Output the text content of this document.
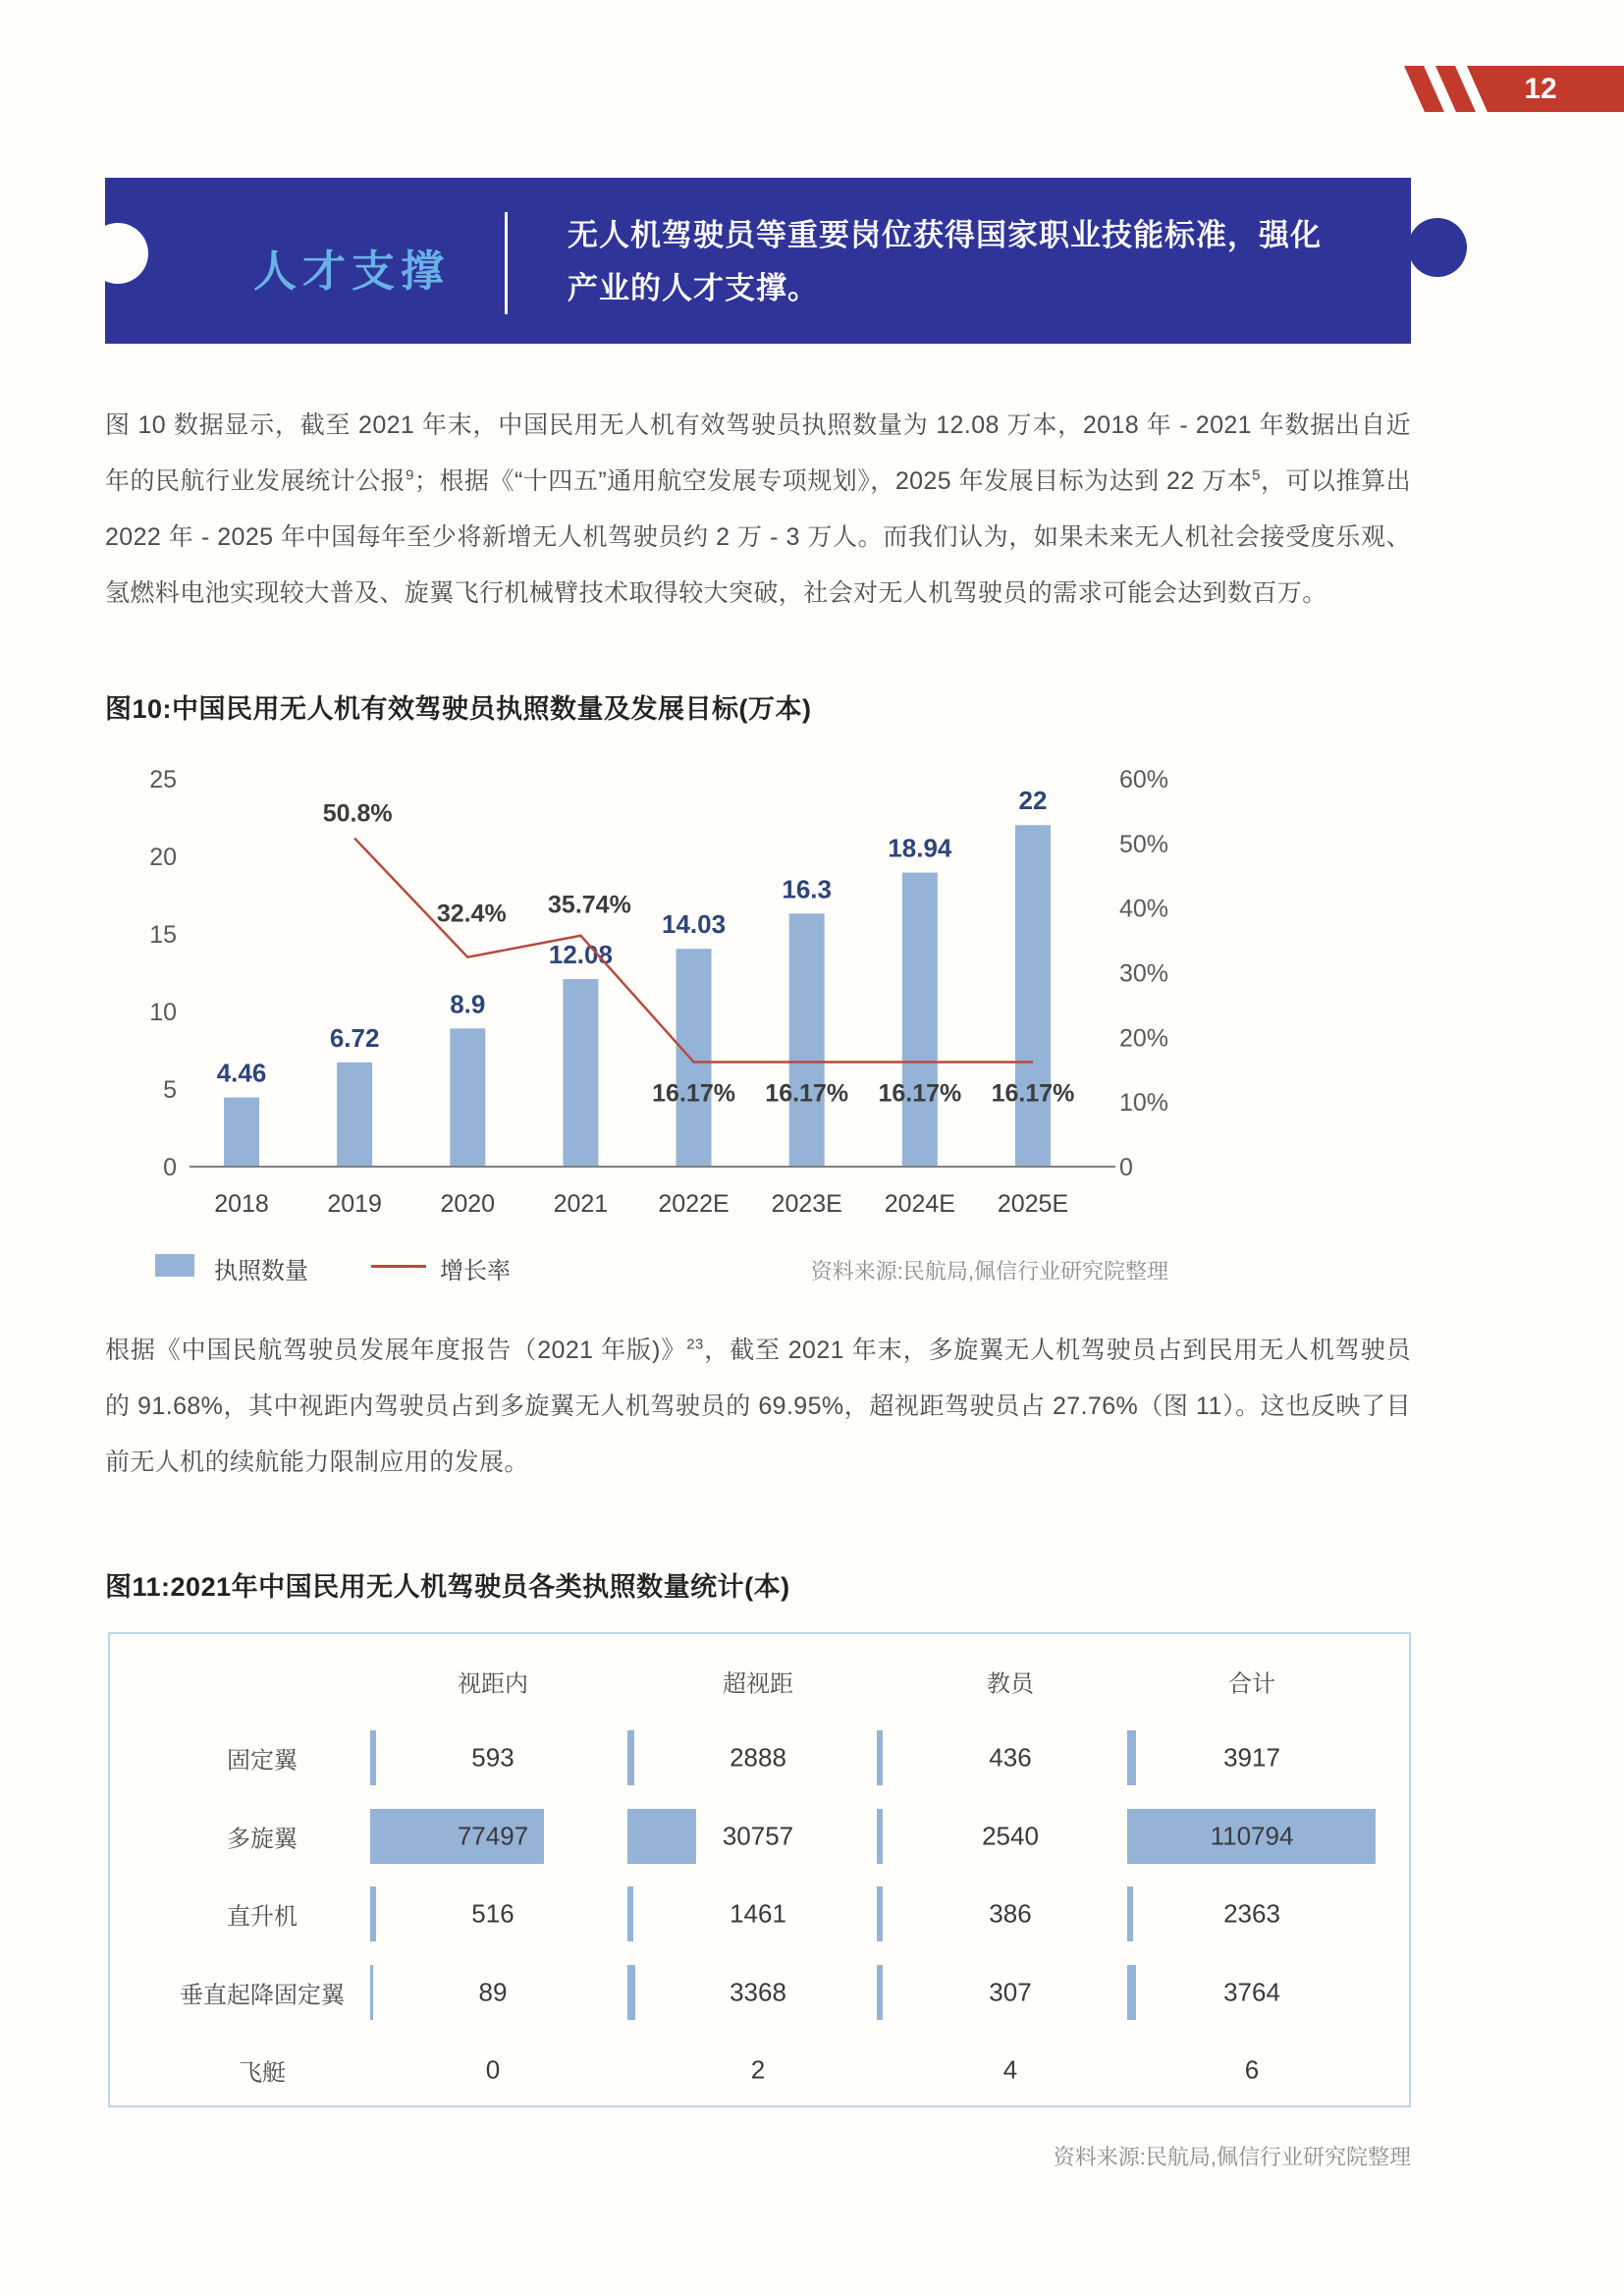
12
人才支撑
无人机驾驶员等重要岗位获得国家职业技能标准，强化
产业的人才支撑。

图 10 数据显示，截至 2021 年末，中国民用无人机有效驾驶员执照数量为 12.08 万本，2018 年 - 2021 年数据出自近年的民航行业发展统计公报$^9$；根据《“十四五”通用航空发展专项规划》，2025 年发展目标为达到 22 万本$^5$，可以推算出 2022 年 - 2025 年中国每年至少将新增无人机驾驶员约 2 万 - 3 万人。而我们认为，如果未来无人机社会接受度乐观、氢燃料电池实现较大普及、旋翼飞行机械臂技术取得较大突破，社会对无人机驾驶员的需求可能会达到数百万。

图10:中国民用无人机有效驾驶员执照数量及发展目标(万本)
25
20
15
10
5
0
60%
50%
40%
30%
20%
10%
0
4.46
6.72
8.9
12.08
14.03
16.3
18.94
22
50.8%
32.4% 35.74%
16.17% 16.17% 16.17% 16.17%
2018 2019 2020 2021 2022E 2023E 2024E 2025E
执照数量	增长率	资料来源:民航局,佩信行业研究院整理

根据《中国民航驾驶员发展年度报告（2021 年版)》$^{23}$，截至 2021 年末，多旋翼无人机驾驶员占到民用无人机驾驶员的 91.68%，其中视距内驾驶员占到多旋翼无人机驾驶员的 69.95%，超视距驾驶员占 27.76%（图 11）。这也反映了目前无人机的续航能力限制应用的发展。

图11:2021年中国民用无人机驾驶员各类执照数量统计(本)
视距内	超视距	教员	合计
固定翼	593	2888	436	3917
多旋翼	77497	30757	2540	110794
直升机	516	1461	386	2363
垂直起降固定翼	89	3368	307	3764
飞艇	0	2	4	6
资料来源:民航局,佩信行业研究院整理
